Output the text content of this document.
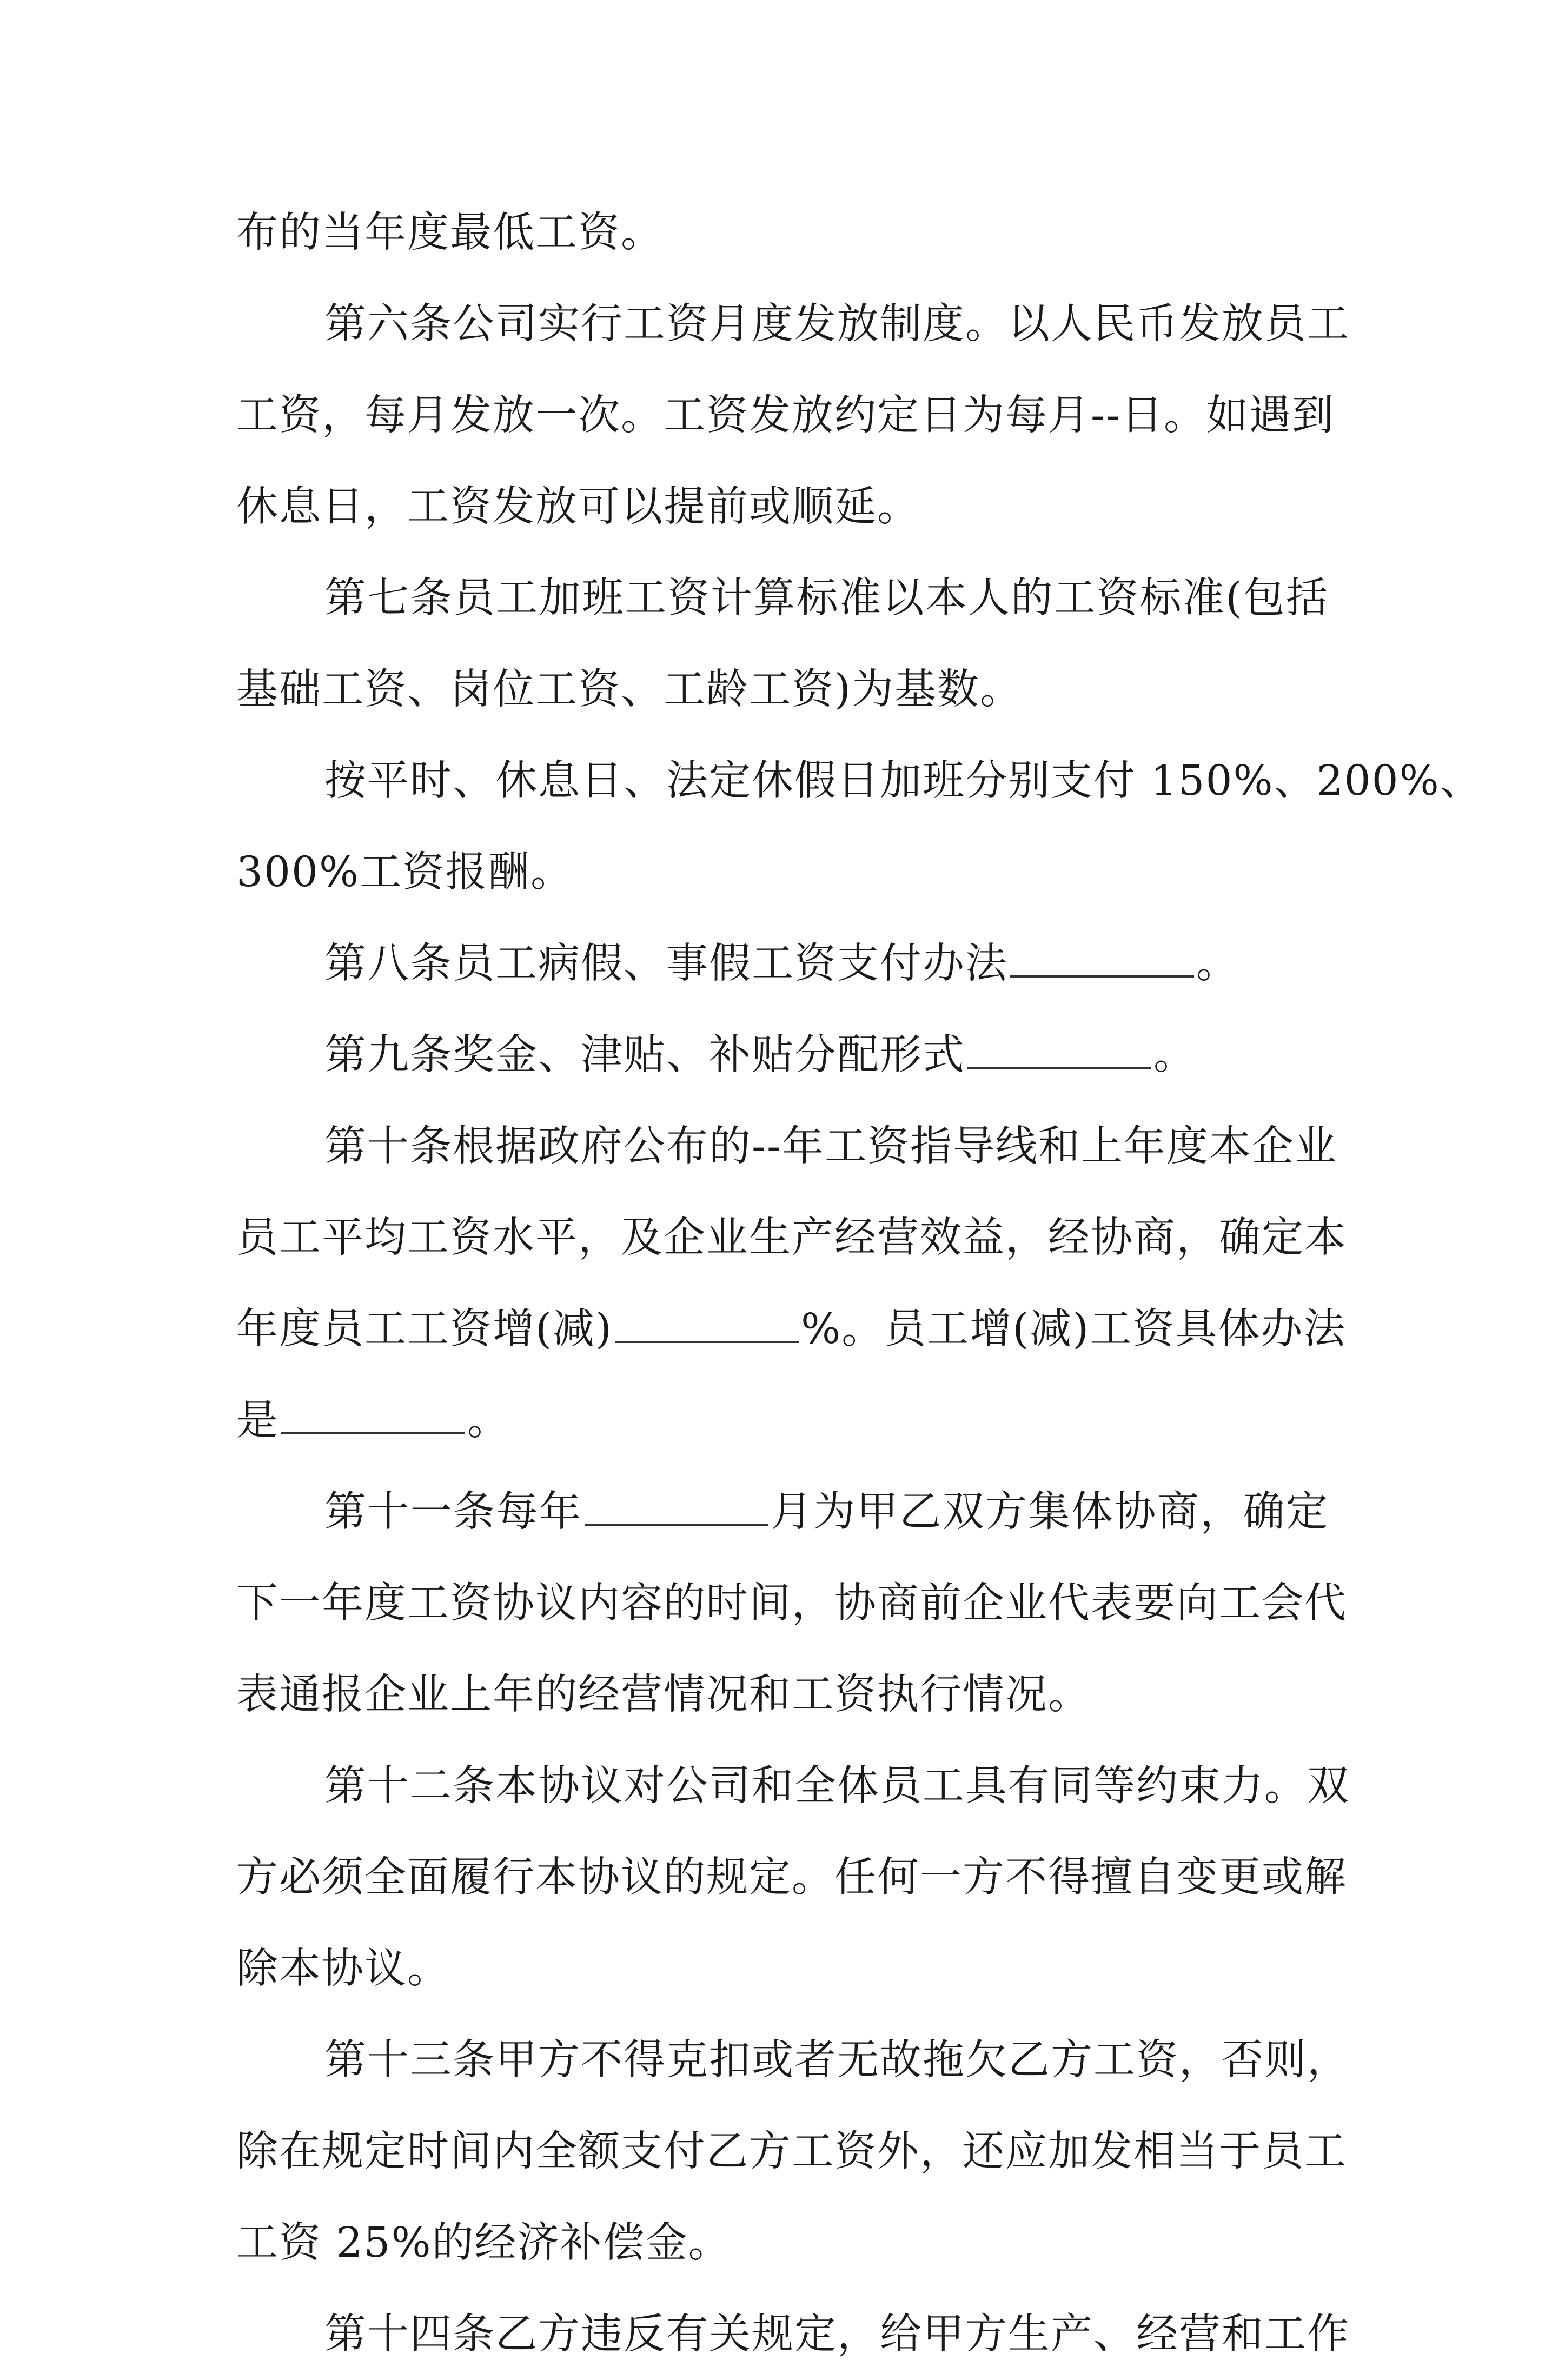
布的当年度最低工资。
第六条公司实行工资月度发放制度。以人民币发放员工
工资，每月发放一次。工资发放约定日为每月--日。如遇到
休息日，工资发放可以提前或顺延。
第七条员工加班工资计算标准以本人的工资标准(包括
基础工资、岗位工资、工龄工资)为基数。
按平时、休息日、法定休假日加班分别支付 150%、200%、
300%工资报酬。
第八条员工病假、事假工资支付办法	。
第九条奖金、津贴、补贴分配形式	。
第十条根据政府公布的--年工资指导线和上年度本企业
员工平均工资水平，及企业生产经营效益，经协商，确定本
年度员工工资增(减)	%。员工增(减)工资具体办法
是	。
第十一条每年	月为甲乙双方集体协商，确定
下一年度工资协议内容的时间，协商前企业代表要向工会代
表通报企业上年的经营情况和工资执行情况。
第十二条本协议对公司和全体员工具有同等约束力。双
方必须全面履行本协议的规定。任何一方不得擅自变更或解
除本协议。
第十三条甲方不得克扣或者无故拖欠乙方工资，否则，
除在规定时间内全额支付乙方工资外，还应加发相当于员工
工资 25%的经济补偿金。
第十四条乙方违反有关规定，给甲方生产、经营和工作
